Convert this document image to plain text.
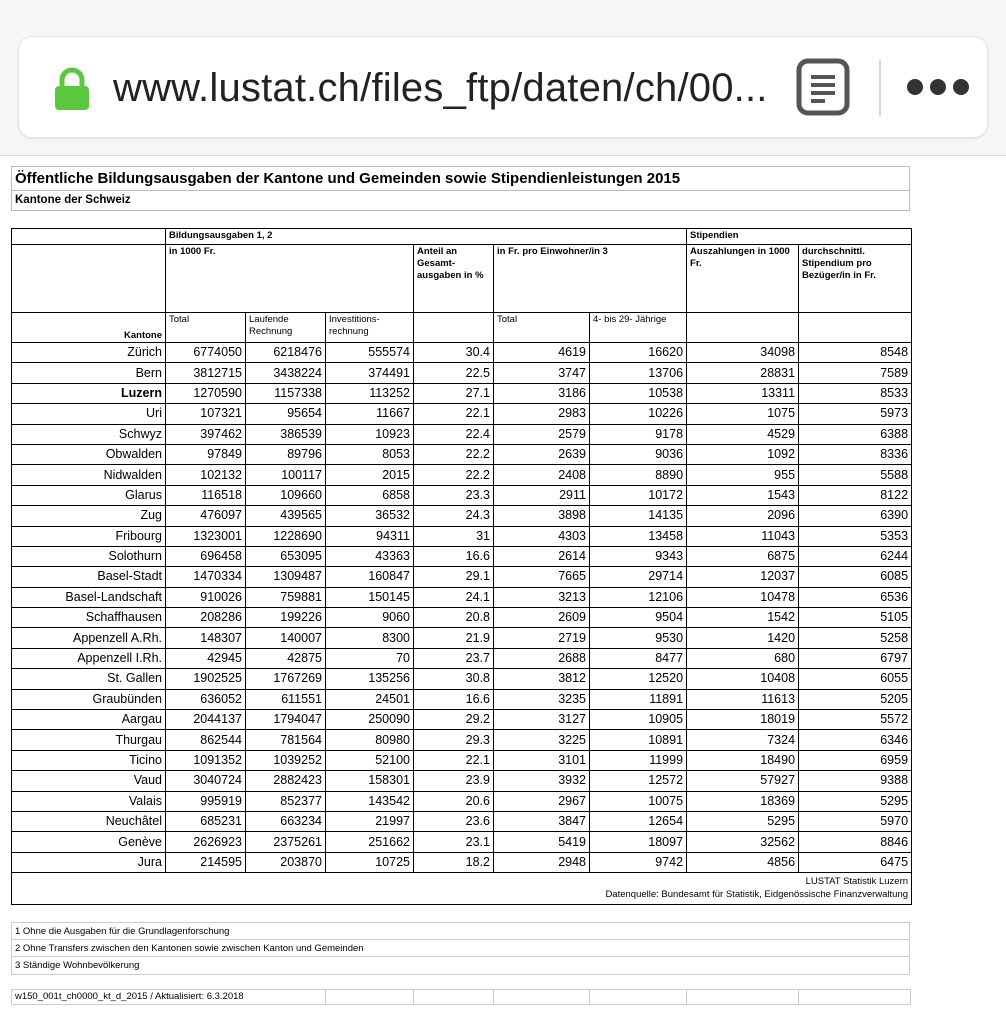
www.lustat.ch/files_ftp/daten/ch/00...
Öffentliche Bildungsausgaben der Kantone und Gemeinden sowie Stipendienleistungen 2015
Kantone der Schweiz
	Bildungsausgaben 1, 2						Stipendien	
	in 1000 Fr.			Anteil an Gesamt- ausgaben in %	in Fr. pro Einwohner/in 3		Auszahlungen in 1000 Fr.	durchschnittl. Stipendium pro Bezüger/in in Fr.
Kantone	Total	Laufende Rechnung	Investitions- rechnung		Total	4- bis 29- Jährige		
Zürich	6774050	6218476	555574	30.4	4619	16620	34098	8548
Bern	3812715	3438224	374491	22.5	3747	13706	28831	7589
Luzern	1270590	1157338	113252	27.1	3186	10538	13311	8533
Uri	107321	95654	11667	22.1	2983	10226	1075	5973
Schwyz	397462	386539	10923	22.4	2579	9178	4529	6388
Obwalden	97849	89796	8053	22.2	2639	9036	1092	8336
Nidwalden	102132	100117	2015	22.2	2408	8890	955	5588
Glarus	116518	109660	6858	23.3	2911	10172	1543	8122
Zug	476097	439565	36532	24.3	3898	14135	2096	6390
Fribourg	1323001	1228690	94311	31	4303	13458	11043	5353
Solothurn	696458	653095	43363	16.6	2614	9343	6875	6244
Basel-Stadt	1470334	1309487	160847	29.1	7665	29714	12037	6085
Basel-Landschaft	910026	759881	150145	24.1	3213	12106	10478	6536
Schaffhausen	208286	199226	9060	20.8	2609	9504	1542	5105
Appenzell A.Rh.	148307	140007	8300	21.9	2719	9530	1420	5258
Appenzell I.Rh.	42945	42875	70	23.7	2688	8477	680	6797
St. Gallen	1902525	1767269	135256	30.8	3812	12520	10408	6055
Graubünden	636052	611551	24501	16.6	3235	11891	11613	5205
Aargau	2044137	1794047	250090	29.2	3127	10905	18019	5572
Thurgau	862544	781564	80980	29.3	3225	10891	7324	6346
Ticino	1091352	1039252	52100	22.1	3101	11999	18490	6959
Vaud	3040724	2882423	158301	23.9	3932	12572	57927	9388
Valais	995919	852377	143542	20.6	2967	10075	18369	5295
Neuchâtel	685231	663234	21997	23.6	3847	12654	5295	5970
Genève	2626923	2375261	251662	23.1	5419	18097	32562	8846
Jura	214595	203870	10725	18.2	2948	9742	4856	6475

LUSTAT Statistik Luzern
Datenquelle: Bundesamt für Statistik, Eidgenössische Finanzverwaltung								
1 Ohne die Ausgaben für die Grundlagenforschung
2 Ohne Transfers zwischen den Kantonen sowie zwischen Kanton und Gemeinden
3 Ständige Wohnbevölkerung
w150_001t_ch0000_kt_d_2015 / Aktualisiert: 6.3.2018
